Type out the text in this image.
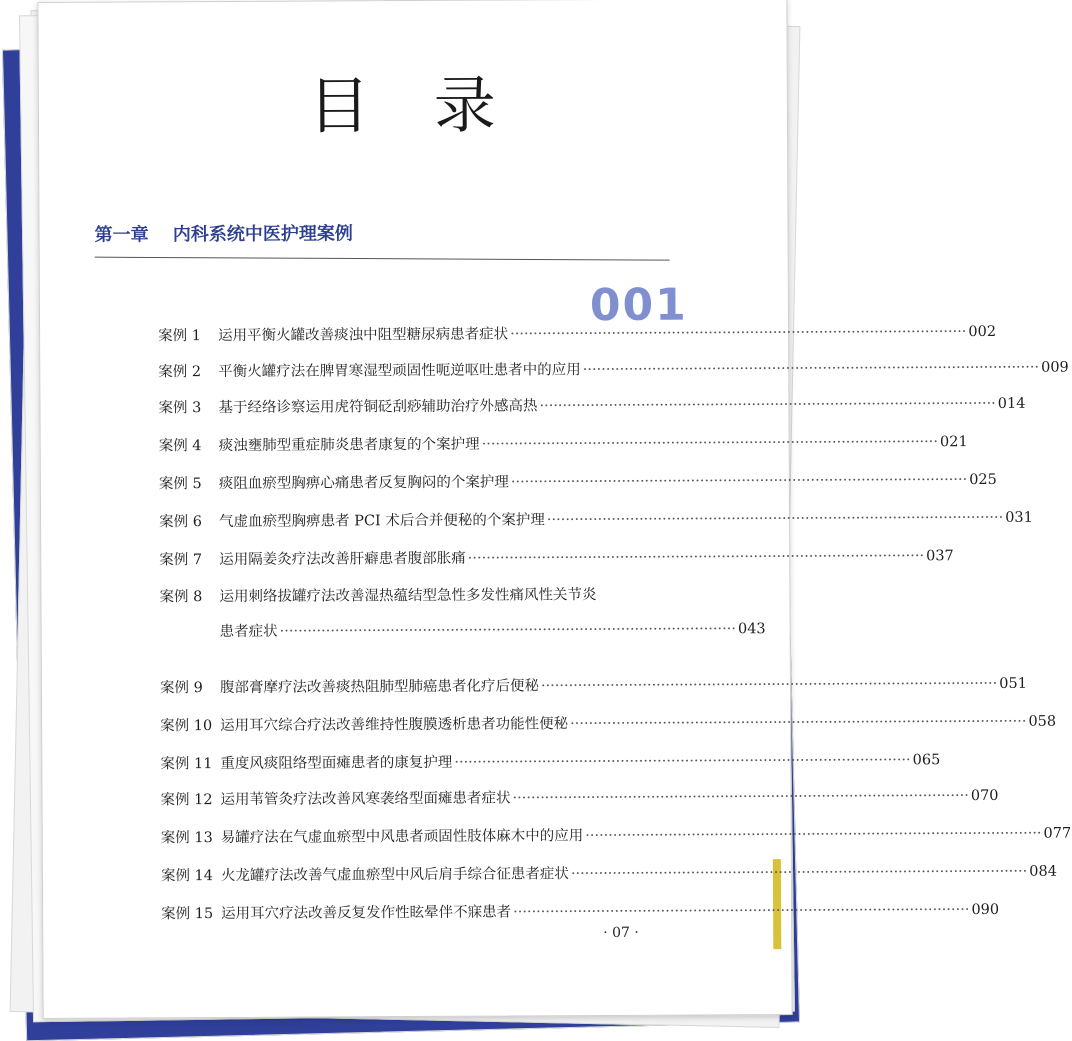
目 录
第一章 内科系统中医护理案例
001
案例 1	运用平衡火罐改善痰浊中阻型糖尿病患者症状 ·····	002
案例 2	平衡火罐疗法在脾胃寒湿型顽固性呃逆呕吐患者中的应用 ·····	009
案例 3	基于经络诊察运用虎符铜砭刮痧辅助治疗外感高热 ·····	014
案例 4	痰浊壅肺型重症肺炎患者康复的个案护理 ·····	021
案例 5	痰阻血瘀型胸痹心痛患者反复胸闷的个案护理 ·····	025
案例 6	气虚血瘀型胸痹患者 PCI 术后合并便秘的个案护理 ·····	031
案例 7	运用隔姜灸疗法改善肝癖患者腹部胀痛 ·····	037
案例 8	运用刺络拔罐疗法改善湿热蕴结型急性多发性痛风性关节炎
患者症状 ·····	043
案例 9	腹部膏摩疗法改善痰热阻肺型肺癌患者化疗后便秘 ·····	051
案例 10 运用耳穴综合疗法改善维持性腹膜透析患者功能性便秘 ·····	058
案例 11 重度风痰阻络型面瘫患者的康复护理 ·····	065
案例 12 运用苇管灸疗法改善风寒袭络型面瘫患者症状 ·····	070
案例 13 易罐疗法在气虚血瘀型中风患者顽固性肢体麻木中的应用 ·····	077
案例 14 火龙罐疗法改善气虚血瘀型中风后肩手综合征患者症状 ·····	084
案例 15 运用耳穴疗法改善反复发作性眩晕伴不寐患者 ·····	090
· 07 ·
